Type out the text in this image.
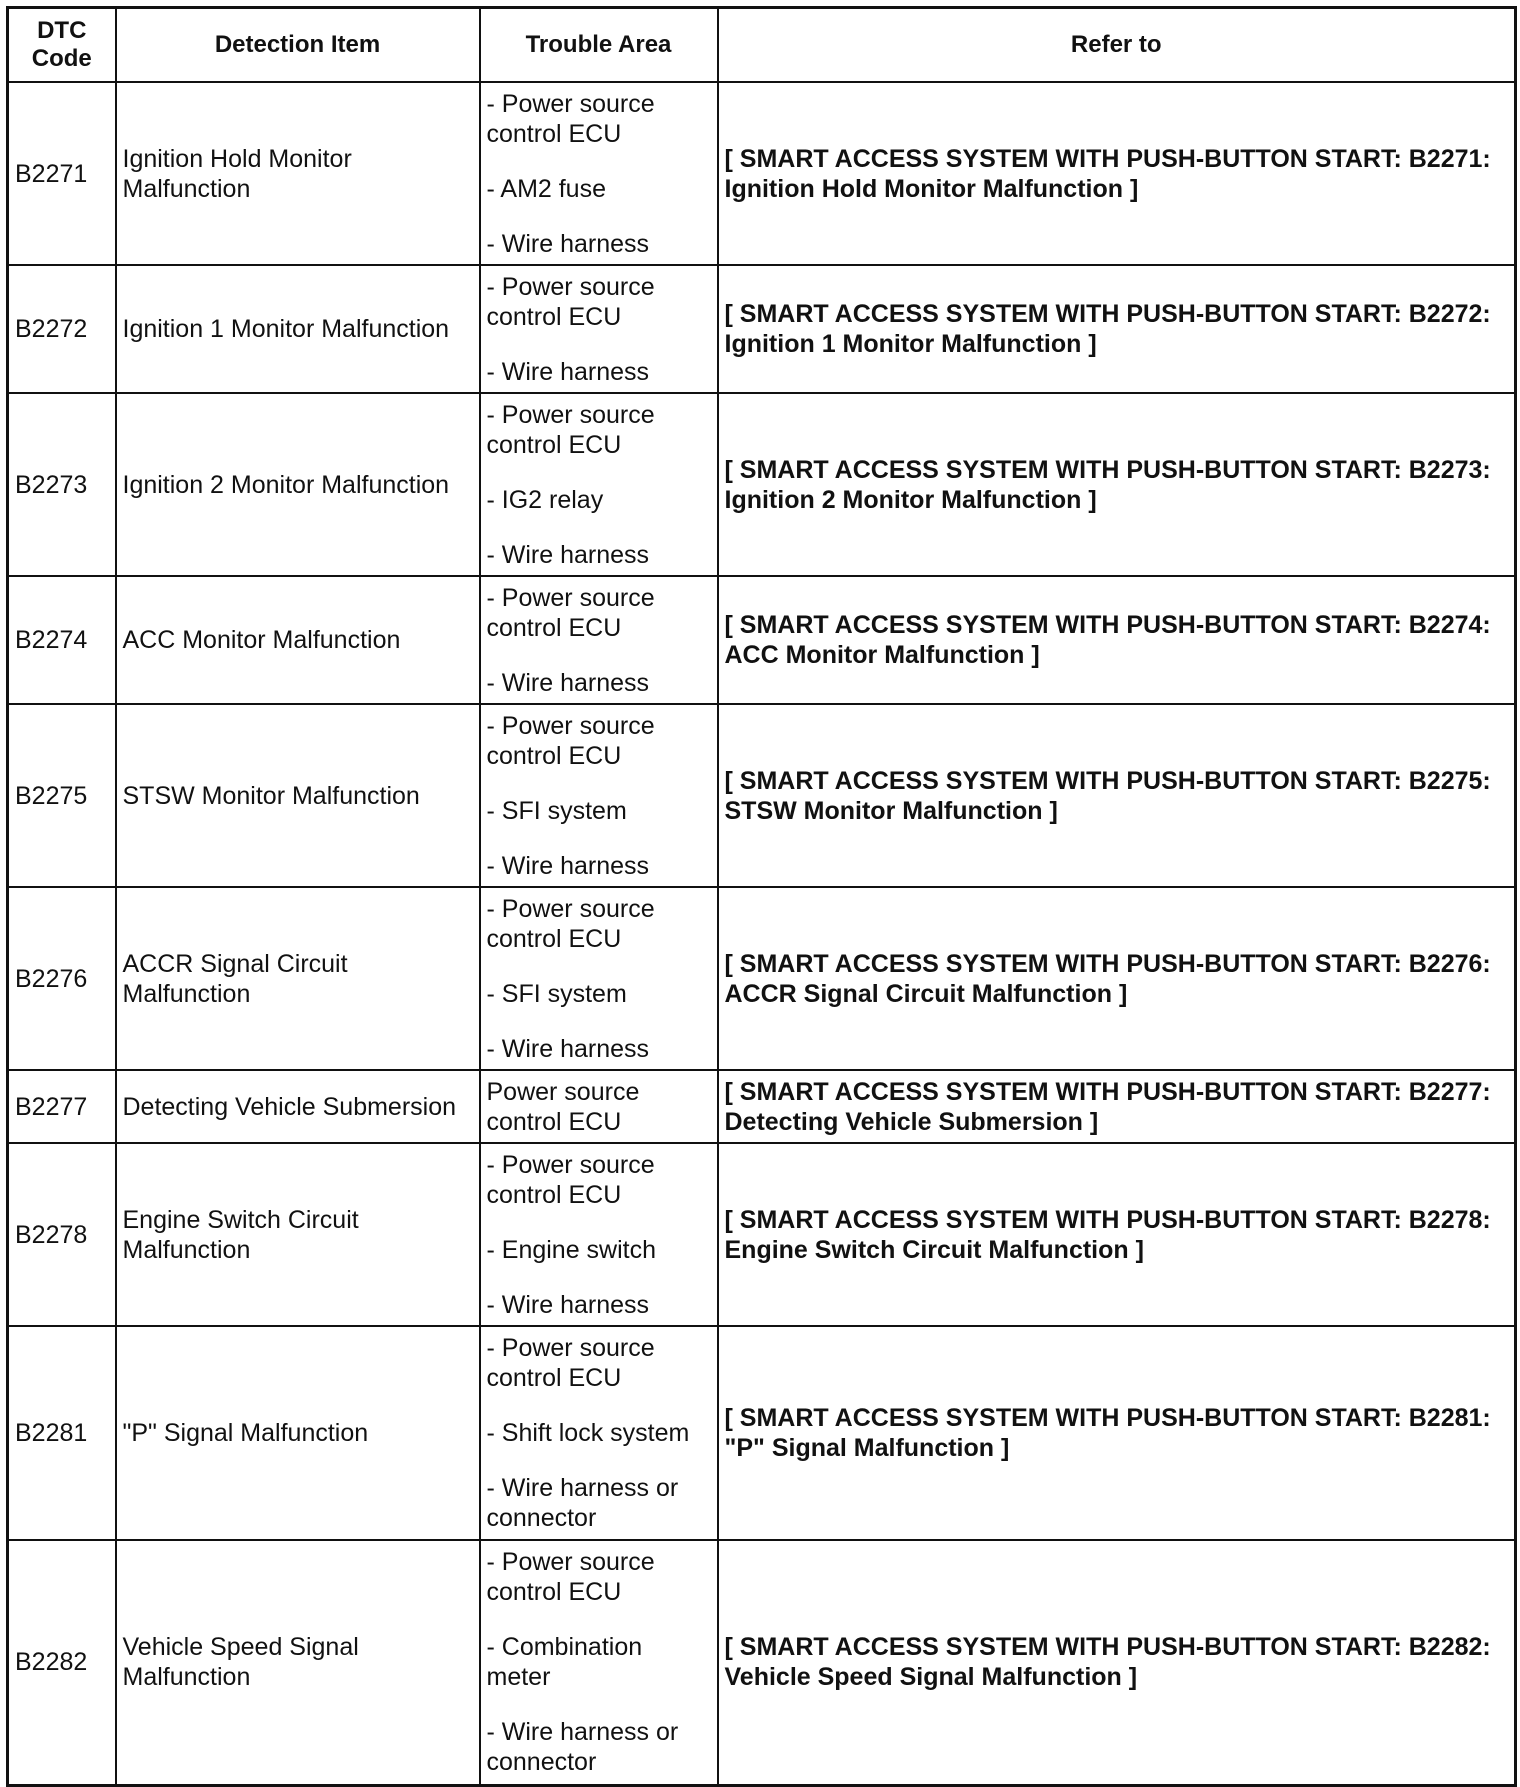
DTC Code	Detection Item	Trouble Area	Refer to
B2271	Ignition Hold Monitor Malfunction	- Power source control ECU
- AM2 fuse
- Wire harness	[ SMART ACCESS SYSTEM WITH PUSH-BUTTON START: B2271: Ignition Hold Monitor Malfunction ]
B2272	Ignition 1 Monitor Malfunction	- Power source control ECU
- Wire harness	[ SMART ACCESS SYSTEM WITH PUSH-BUTTON START: B2272: Ignition 1 Monitor Malfunction ]
B2273	Ignition 2 Monitor Malfunction	- Power source control ECU
- IG2 relay
- Wire harness	[ SMART ACCESS SYSTEM WITH PUSH-BUTTON START: B2273: Ignition 2 Monitor Malfunction ]
B2274	ACC Monitor Malfunction	- Power source control ECU
- Wire harness	[ SMART ACCESS SYSTEM WITH PUSH-BUTTON START: B2274: ACC Monitor Malfunction ]
B2275	STSW Monitor Malfunction	- Power source control ECU
- SFI system
- Wire harness	[ SMART ACCESS SYSTEM WITH PUSH-BUTTON START: B2275: STSW Monitor Malfunction ]
B2276	ACCR Signal Circuit Malfunction	- Power source control ECU
- SFI system
- Wire harness	[ SMART ACCESS SYSTEM WITH PUSH-BUTTON START: B2276: ACCR Signal Circuit Malfunction ]
B2277	Detecting Vehicle Submersion	Power source control ECU	[ SMART ACCESS SYSTEM WITH PUSH-BUTTON START: B2277: Detecting Vehicle Submersion ]
B2278	Engine Switch Circuit Malfunction	- Power source control ECU
- Engine switch
- Wire harness	[ SMART ACCESS SYSTEM WITH PUSH-BUTTON START: B2278: Engine Switch Circuit Malfunction ]
B2281	"P" Signal Malfunction	- Power source control ECU
- Shift lock system
- Wire harness or connector	[ SMART ACCESS SYSTEM WITH PUSH-BUTTON START: B2281: "P" Signal Malfunction ]
B2282	Vehicle Speed Signal Malfunction	- Power source control ECU
- Combination meter
- Wire harness or connector	[ SMART ACCESS SYSTEM WITH PUSH-BUTTON START: B2282: Vehicle Speed Signal Malfunction ]
